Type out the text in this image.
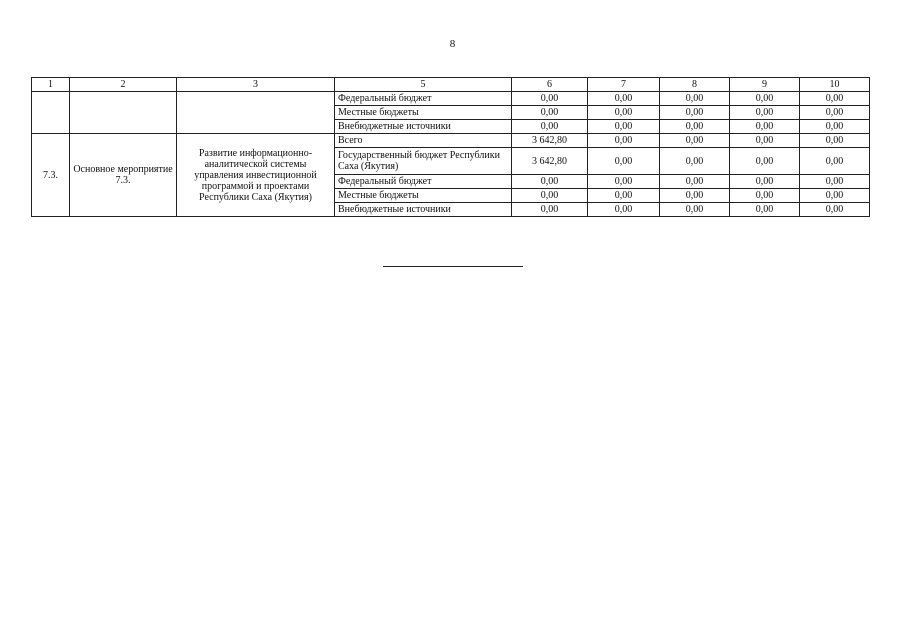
8
1	2	3	5	6	7	8	9	10
			Федеральный бюджет	0,00	0,00	0,00	0,00	0,00
			Местные бюджеты	0,00	0,00	0,00	0,00	0,00
			Внебюджетные источники	0,00	0,00	0,00	0,00	0,00
7.3.	Основное мероприятие 7.3.	Развитие информационно-аналитической системы управления инвестиционной программой и проектами Республики Саха (Якутия)	Всего	3 642,80	0,00	0,00	0,00	0,00
			Государственный бюджет Республики Саха (Якутия)	3 642,80	0,00	0,00	0,00	0,00
			Федеральный бюджет	0,00	0,00	0,00	0,00	0,00
			Местные бюджеты	0,00	0,00	0,00	0,00	0,00
			Внебюджетные источники	0,00	0,00	0,00	0,00	0,00
